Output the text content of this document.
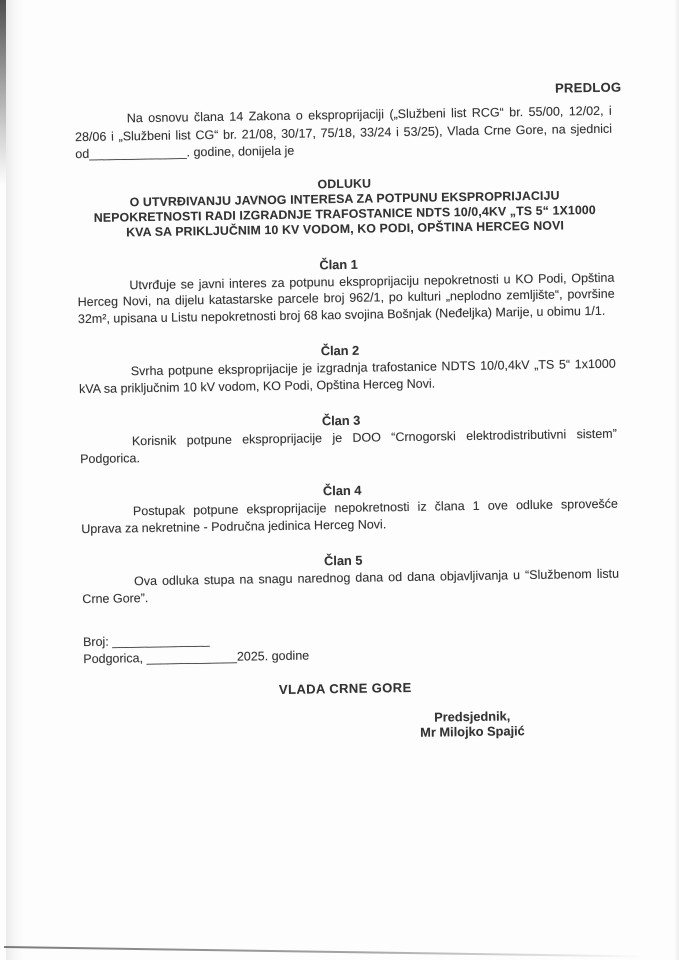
PREDLOG

Na osnovu člana 14 Zakona o eksproprijaciji („Službeni list RCG“ br. 55/00, 12/02, i 28/06 i „Službeni list CG“ br. 21/08, 30/17, 75/18, 33/24 i 53/25), Vlada Crne Gore, na sjednici od______________. godine, donijela je

ODLUKU
O UTVRĐIVANJU JAVNOG INTERESA ZA POTPUNU EKSPROPRIJACIJU NEPOKRETNOSTI RADI IZGRADNJE TRAFOSTANICE NDTS 10/0,4KV „TS 5“ 1X1000 KVA SA PRIKLJUČNIM 10 KV VODOM, KO PODI, OPŠTINA HERCEG NOVI
Član 1

Utvrđuje se javni interes za potpunu eksproprijaciju nepokretnosti u KO Podi, Opština Herceg Novi, na dijelu katastarske parcele broj 962/1, po kulturi „neplodno zemljište“, površine 32m², upisana u Listu nepokretnosti broj 68 kao svojina Bošnjak (Neđeljka) Marije, u obimu 1/1.

Član 2

Svrha potpune eksproprijacije je izgradnja trafostanice NDTS 10/0,4kV „TS 5“ 1x1000 kVA sa priključnim 10 kV vodom, KO Podi, Opština Herceg Novi.

Član 3

Korisnik potpune eksproprijacije je DOO “Crnogorski elektrodistributivni sistem” Podgorica.

Član 4

Postupak potpune eksproprijacije nepokretnosti iz člana 1 ove odluke sprovešće Uprava za nekretnine - Područna jedinica Herceg Novi.

Član 5

Ova odluka stupa na snagu narednog dana od dana objavljivanja u “Službenom listu Crne Gore”.

Broj: ______________
Podgorica, _____________2025. godine
VLADA CRNE GORE
Predsjednik,
Mr Milojko Spajić
